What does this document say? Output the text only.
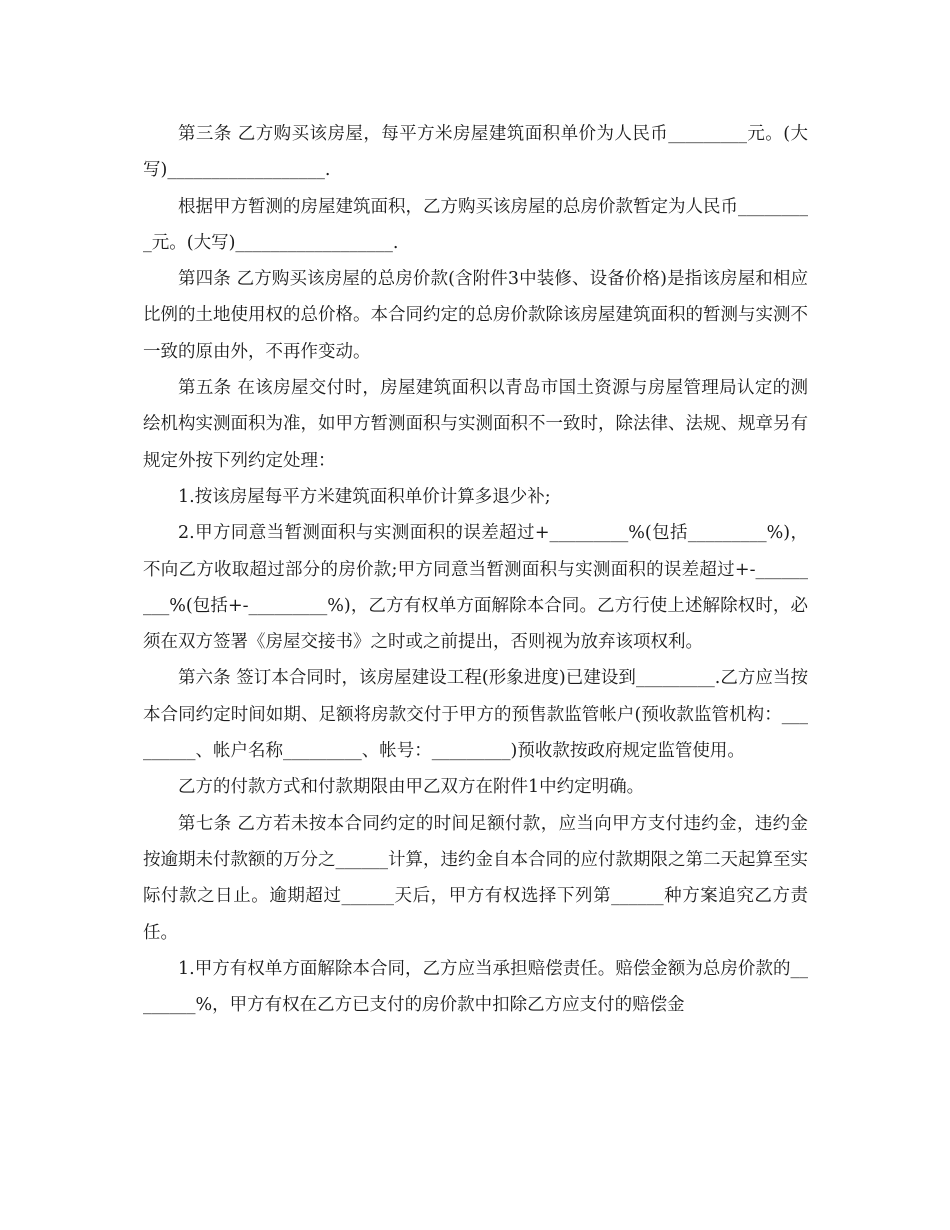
第三条 乙方购买该房屋，每平方米房屋建筑面积单价为人民币_________元。(大写)__________________.

根据甲方暂测的房屋建筑面积，乙方购买该房屋的总房价款暂定为人民币_________元。(大写)__________________.

第四条 乙方购买该房屋的总房价款(含附件3中装修、设备价格)是指该房屋和相应比例的土地使用权的总价格。本合同约定的总房价款除该房屋建筑面积的暂测与实测不一致的原由外，不再作变动。

第五条 在该房屋交付时，房屋建筑面积以青岛市国土资源与房屋管理局认定的测绘机构实测面积为准，如甲方暂测面积与实测面积不一致时，除法律、法规、规章另有规定外按下列约定处理：

1.按该房屋每平方米建筑面积单价计算多退少补;

2.甲方同意当暂测面积与实测面积的误差超过+_________%(包括_________%)，不向乙方收取超过部分的房价款;甲方同意当暂测面积与实测面积的误差超过+-_________%(包括+-_________%)，乙方有权单方面解除本合同。乙方行使上述解除权时，必须在双方签署《房屋交接书》之时或之前提出，否则视为放弃该项权利。

第六条 签订本合同时，该房屋建设工程(形象进度)已建设到_________.乙方应当按本合同约定时间如期、足额将房款交付于甲方的预售款监管帐户(预收款监管机构：_________、帐户名称_________、帐号：_________)预收款按政府规定监管使用。

乙方的付款方式和付款期限由甲乙双方在附件1中约定明确。

第七条 乙方若未按本合同约定的时间足额付款，应当向甲方支付违约金，违约金按逾期未付款额的万分之______计算，违约金自本合同的应付款期限之第二天起算至实际付款之日止。逾期超过______天后，甲方有权选择下列第______种方案追究乙方责任。

1.甲方有权单方面解除本合同，乙方应当承担赔偿责任。赔偿金额为总房价款的________%，甲方有权在乙方已支付的房价款中扣除乙方应支付的赔偿金
